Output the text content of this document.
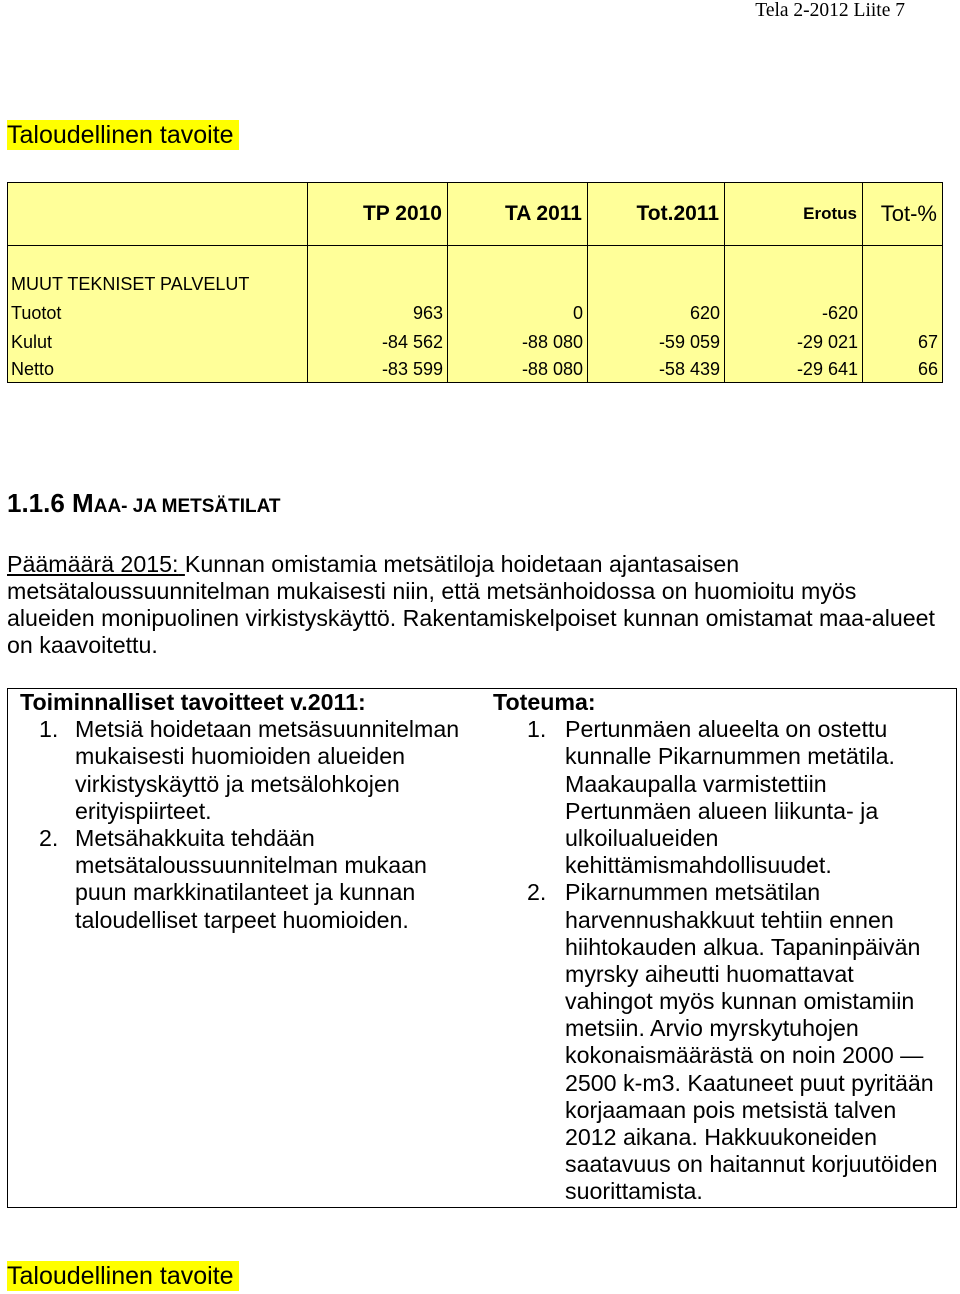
Tela 2-2012 Liite 7
Taloudellinen tavoite
	TP 2010	TA 2011	Tot.2011	Erotus	Tot-%

MUUT TEKNISET PALVELUT					
Tuotot	963	0	620	-620	
Kulut	-84 562	-88 080	-59 059	-29 021	67
Netto	-83 599	-88 080	-58 439	-29 641	66
1.1.6 MAA- JA METSÄTILAT
Päämäärä 2015: Kunnan omistamia metsätiloja hoidetaan ajantasaisen
metsätaloussuunnitelman mukaisesti niin, että metsänhoidossa on huomioitu myös
alueiden monipuolinen virkistyskäyttö. Rakentamiskelpoiset kunnan omistamat maa-alueet
on kaavoitettu.
Toiminnalliset tavoitteet v.2011:	Toteuma:
1. Metsiä hoidetaan metsäsuunnitelman
mukaisesti huomioiden alueiden
virkistyskäyttö ja metsälohkojen
erityispiirteet.
2. Metsähakkuita tehdään
metsätaloussuunnitelman mukaan
puun markkinatilanteet ja kunnan
taloudelliset tarpeet huomioiden.
1. Pertunmäen alueelta on ostettu
kunnalle Pikarnummen metätila.
Maakaupalla varmistettiin
Pertunmäen alueen liikunta- ja
ulkoilualueiden
kehittämismahdollisuudet.
2. Pikarnummen metsätilan
harvennushakkuut tehtiin ennen
hiihtokauden alkua. Tapaninpäivän
myrsky aiheutti huomattavat
vahingot myös kunnan omistamiin
metsiin. Arvio myrskytuhojen
kokonaismäärästä on noin 2000 —
2500 k-m3. Kaatuneet puut pyritään
korjaamaan pois metsistä talven
2012 aikana. Hakkuukoneiden
saatavuus on haitannut korjuutöiden
suorittamista.
Taloudellinen tavoite
